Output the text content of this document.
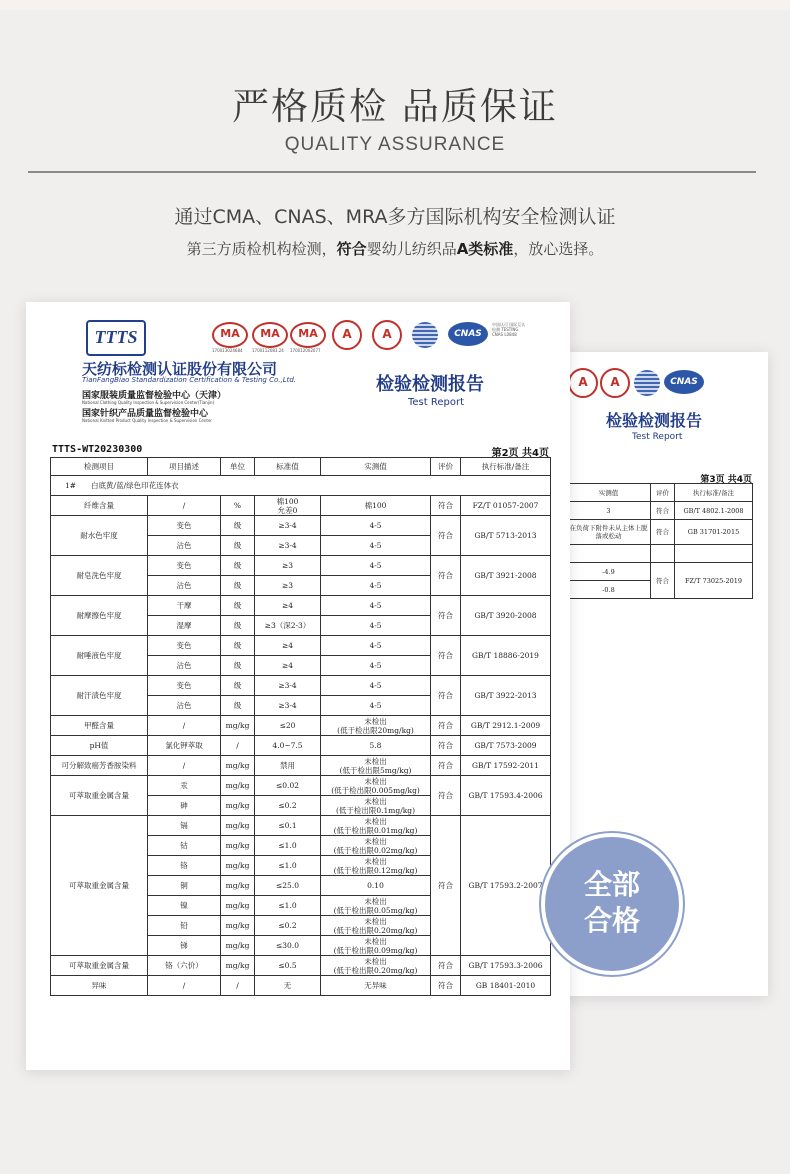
严格质检 品质保证
QUALITY ASSURANCE
通过CMA、CNAS、MRA多方国际机构安全检测认证
第三方质检机构检测，符合婴幼儿纺织品A类标准，放心选择。
A	A	CNAS
检验检测报告
Test Report
第3页 共4页
实测值	评价	执行标准/备注
3	符合	GB/T 4802.1-2008
在负荷下附件未从主体上脱落或松动	符合	GB 31701-2015

-4.9	符合	FZ/T 73025-2019
-0.8		
TTTS	MA
170013024684
MA
1700112083.24
MA
170012002077
A	A	CNAS
中国认可 国际互认 检测 TESTING CNAS L0848
天纺标检测认证股份有限公司
TianFangBiao Standardization Certification & Testing Co.,Ltd.
国家服装质量监督检验中心（天津）
National Clothing Quality Inspection & Supervision Center(Tianjin)
国家针织产品质量监督检验中心
National Knitted Product Quality Inspection & Supervision Center
检验检测报告
Test Report
TTTS-WT20230300	第2页 共4页
检测项目	项目描述	单位	标准值	实测值	评价	执行标准/备注
1#　　白底黄/蓝/绿色印花连体衣						
纤维含量	/	%	棉100
允差0	棉100	符合	FZ/T 01057-2007
耐水色牢度	变色	级	≥3-4	4-5	符合	GB/T 5713-2013
	沾色	级	≥3-4	4-5		
耐皂洗色牢度	变色	级	≥3	4-5	符合	GB/T 3921-2008
	沾色	级	≥3	4-5		
耐摩擦色牢度	干摩	级	≥4	4-5	符合	GB/T 3920-2008
	湿摩	级	≥3（深2-3）	4-5		
耐唾液色牢度	变色	级	≥4	4-5	符合	GB/T 18886-2019
	沾色	级	≥4	4-5		
耐汗渍色牢度	变色	级	≥3-4	4-5	符合	GB/T 3922-2013
	沾色	级	≥3-4	4-5		
甲醛含量	/	mg/kg	≤20	未检出
(低于检出限20mg/kg)	符合	GB/T 2912.1-2009
pH值	氯化钾萃取	/	4.0~7.5	5.8	符合	GB/T 7573-2009
可分解致癌芳香胺染料	/	mg/kg	禁用	未检出
(低于检出限5mg/kg)	符合	GB/T 17592-2011
可萃取重金属含量	汞	mg/kg	≤0.02	未检出
(低于检出限0.005mg/kg)	符合	GB/T 17593.4-2006
	砷	mg/kg	≤0.2	未检出
(低于检出限0.1mg/kg)		
可萃取重金属含量	镉	mg/kg	≤0.1	未检出
(低于检出限0.01mg/kg)	符合	GB/T 17593.2-2007
	钴	mg/kg	≤1.0	未检出
(低于检出限0.02mg/kg)		
	铬	mg/kg	≤1.0	未检出
(低于检出限0.12mg/kg)		
	铜	mg/kg	≤25.0	0.10		
	镍	mg/kg	≤1.0	未检出
(低于检出限0.05mg/kg)		
	铅	mg/kg	≤0.2	未检出
(低于检出限0.20mg/kg)		
	锑	mg/kg	≤30.0	未检出
(低于检出限0.09mg/kg)		
可萃取重金属含量	铬（六价）	mg/kg	≤0.5	未检出
(低于检出限0.20mg/kg)	符合	GB/T 17593.3-2006
异味	/	/	无	无异味	符合	GB 18401-2010
全部
合格
